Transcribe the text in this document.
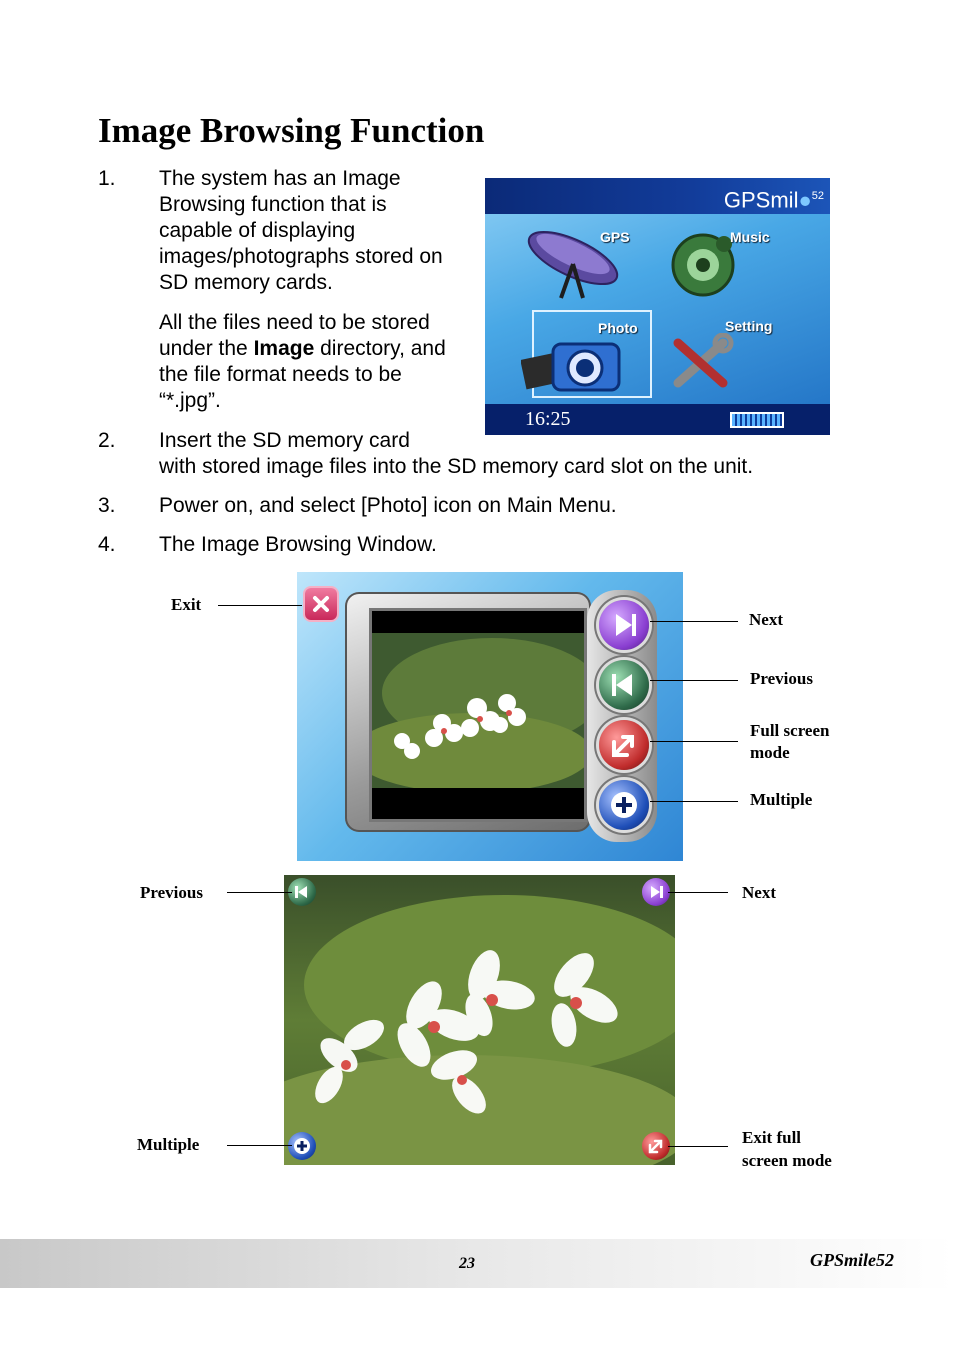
Image Browsing Function
1. The system has an Image Browsing function that is capable of displaying images/photographs stored on SD memory cards.
All the files need to be stored under the Image directory, and the file format needs to be “*.jpg”.
2. Insert the SD memory card
with stored image files into the SD memory card slot on the unit.
3. Power on, and select [Photo] icon on Main Menu.
4. The Image Browsing Window.
GPSmil●$^{52}$
GPS	Music
Photo	Setting
16:25
Exit
Next
Previous
Full screen
mode
Multiple
Previous	Next
Multiple	Exit full
screen mode
23	GPSmile52
